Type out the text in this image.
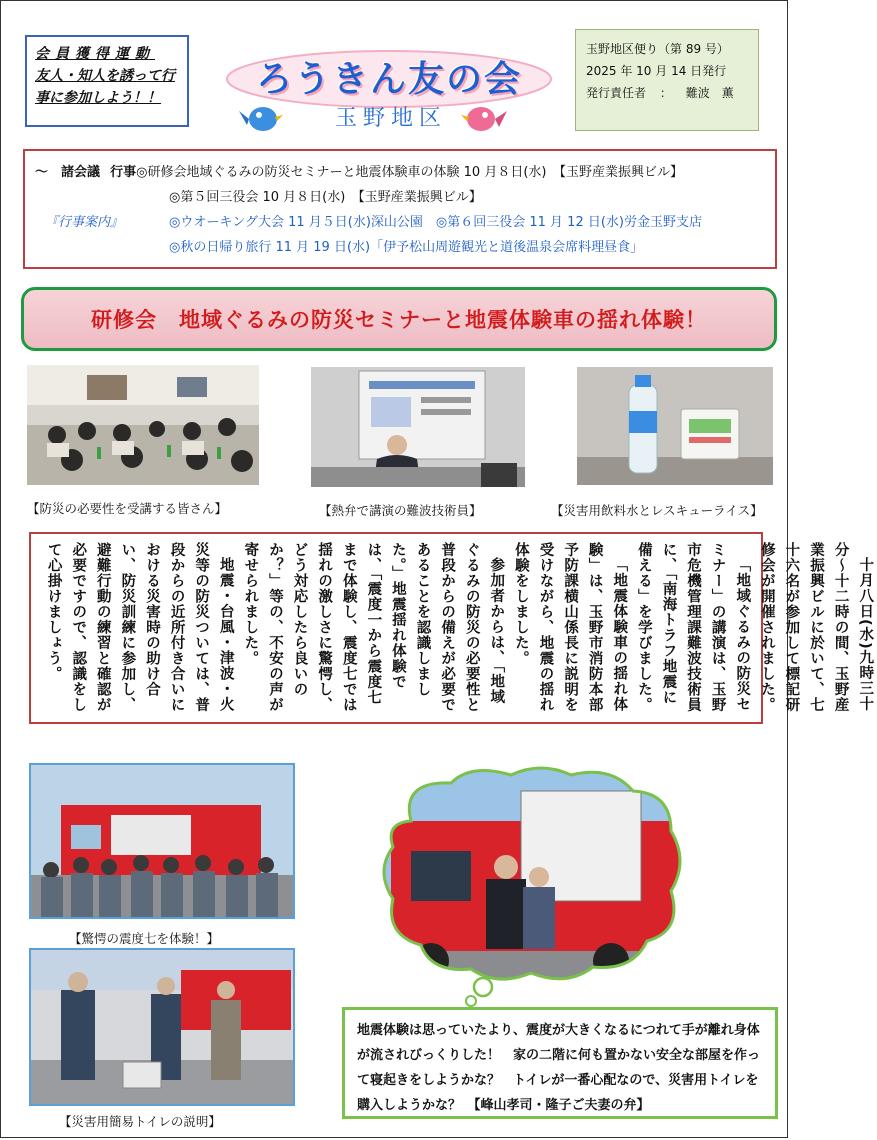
会員獲得運動
友人・知人を誘って行
事に参加しよう！！	ろうきん友の会
玉野地区
玉野地区便り（第 89 号）
2025 年 10 月 14 日発行
発行責任者 ： 難波　薫
～　諸会議 行事◎研修会地域ぐるみの防災セミナーと地震体験車の体験 10 月８日(水)　【玉野産業振興ビル】
◎第５回三役会 10 月８日(水)　【玉野産業振興ビル】
『行事案内』	◎ウオーキング大会 11 月５日(水)深山公園　◎第６回三役会 11 月 12 日(水)労金玉野支店
◎秋の日帰り旅行 11 月 19 日(水)「伊予松山周遊観光と道後温泉会席料理昼食」
研修会　地域ぐるみの防災セミナーと地震体験車の揺れ体験！
【防災の必要性を受講する皆さん】	【熱弁で講演の難波技術員】	【災害用飲料水とレスキューライス】

十月八日(水)九時三十分～十二時の間、玉野産業振興ビルに於いて、七十六名が参加して標記研修会が開催されました。

「地域ぐるみの防災セミナー」の講演は、玉野市危機管理課難波技術員に、「南海トラフ地震に備える」を学びました。

「地震体験車の揺れ体験」は、玉野市消防本部予防課横山係長に説明を受けながら、地震の揺れ体験をしました。

参加者からは、「地域ぐるみの防災の必要性と普段からの備えが必要であることを認識しました。」地震揺れ体験では、「震度一から震度七まで体験し、震度七では揺れの激しさに驚愕し、どう対応したら良いのか？」等の、不安の声が寄せられました。

地震・台風・津波・火災等の防災ついては、普段からの近所付き合いにおける災害時の助け合い、防災訓練に参加し、避難行動の練習と確認が必要ですので、認識をして心掛けましょう。

【驚愕の震度七を体験！】
【災害用簡易トイレの説明】
地震体験は思っていたより、震度が大きくなるにつれて手が離れ身体が流されびっくりした！　家の二階に何も置かない安全な部屋を作って寝起きをしようかな？　トイレが一番心配なので、災害用トイレを購入しようかな？　【峰山孝司・隆子ご夫妻の弁】
